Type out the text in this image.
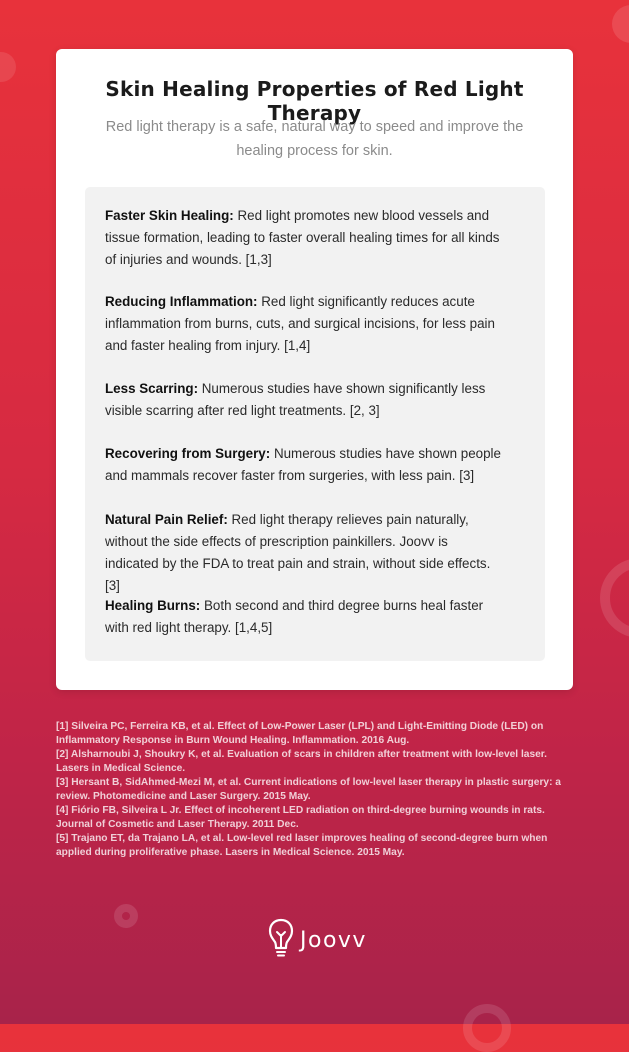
Skin Healing Properties of Red Light Therapy

Red light therapy is a safe, natural way to speed and improve the healing process for skin.

Faster Skin Healing: Red light promotes new blood vessels and tissue formation, leading to faster overall healing times for all kinds of injuries and wounds. [1,3]

Reducing Inflammation: Red light significantly reduces acute inflammation from burns, cuts, and surgical incisions, for less pain and faster healing from injury. [1,4]

Less Scarring: Numerous studies have shown significantly less visible scarring after red light treatments. [2, 3]

Recovering from Surgery: Numerous studies have shown people and mammals recover faster from surgeries, with less pain. [3]

Natural Pain Relief: Red light therapy relieves pain naturally, without the side effects of prescription painkillers. Joovv is indicated by the FDA to treat pain and strain, without side effects. [3]

Healing Burns: Both second and third degree burns heal faster with red light therapy. [1,4,5]

[1] Silveira PC, Ferreira KB, et al. Effect of Low-Power Laser (LPL) and Light-Emitting Diode (LED) on Inflammatory Response in Burn Wound Healing. Inflammation. 2016 Aug.

[2] Alsharnoubi J, Shoukry K, et al. Evaluation of scars in children after treatment with low-level laser. Lasers in Medical Science.

[3] Hersant B, SidAhmed-Mezi M, et al. Current indications of low-level laser therapy in plastic surgery: a review. Photomedicine and Laser Surgery. 2015 May.

[4] Fiório FB, Silveira L Jr. Effect of incoherent LED radiation on third-degree burning wounds in rats. Journal of Cosmetic and Laser Therapy. 2011 Dec.

[5] Trajano ET, da Trajano LA, et al. Low-level red laser improves healing of second-degree burn when applied during proliferative phase. Lasers in Medical Science. 2015 May.

Joovv
